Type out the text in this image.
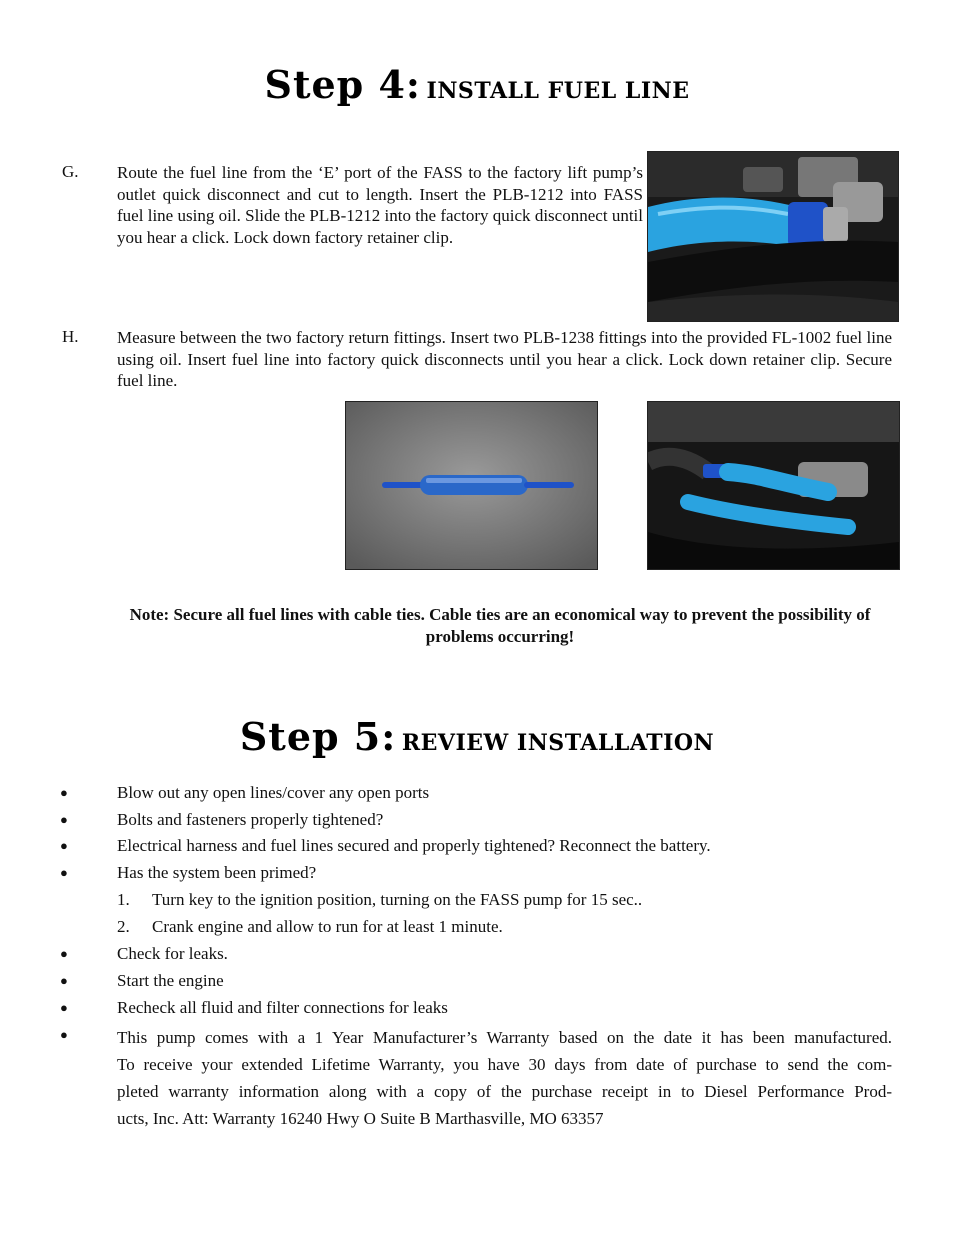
Step 4: INSTALL FUEL LINE
G. Route the fuel line from the ‘E’ port of the FASS to the factory lift pump’s outlet quick disconnect and cut to length. Insert the PLB-1212 into FASS fuel line using oil. Slide the PLB-1212 into the factory quick disconnect until you hear a click. Lock down factory retainer clip.
H. Measure between the two factory return fittings. Insert two PLB-1238 fittings into the provided FL-1002 fuel line using oil. Insert fuel line into factory quick disconnects until you hear a click. Lock down retainer clip. Secure fuel line.
Note: Secure all fuel lines with cable ties. Cable ties are an economical way to prevent the possibility of problems occurring!
Step 5: REVIEW INSTALLATION
●	Blow out any open lines/cover any open ports
●	Bolts and fasteners properly tightened?
●	Electrical harness and fuel lines secured and properly tightened? Reconnect the battery.
●	Has the system been primed?
1. Turn key to the ignition position, turning on the FASS pump for 15 sec..
2. Crank engine and allow to run for at least 1 minute.
●	Check for leaks.
●	Start the engine
●	Recheck all fluid and filter connections for leaks
●	This pump comes with a 1 Year Manufacturer’s Warranty based on the date it has been manufactured.
To receive your extended Lifetime Warranty, you have 30 days from date of purchase to send the com-
pleted warranty information along with a copy of the purchase receipt in to Diesel Performance Prod-
ucts, Inc. Att: Warranty 16240 Hwy O Suite B Marthasville, MO 63357
